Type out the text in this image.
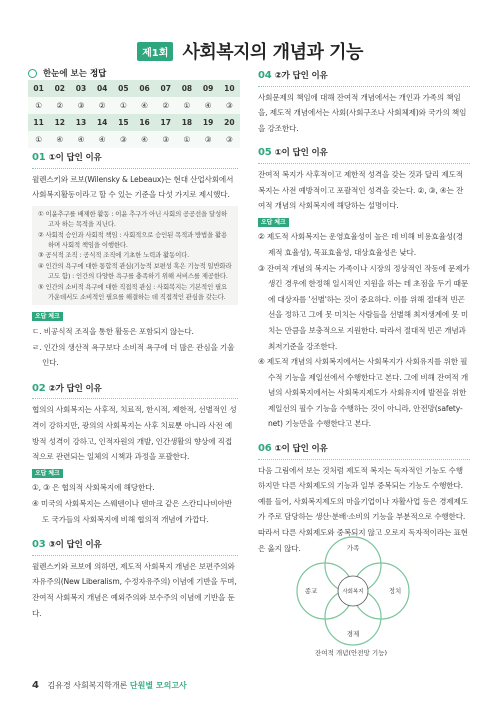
제1회 사회복지의 개념과 기능
한눈에 보는 정답
01	02	03	04	05	06	07	08	09	10
①	②	③	②	①	④	②	①	④	③
11	12	13	14	15	16	17	18	19	20
①	④	④	④	③	④	③	①	③	③
01 ①이 답인 이유
윌렌스키와 르보(Wilensky & Lebeaux)는 현대 산업사회에서 사회복지활동이라고 할 수 있는 기준을 다섯 가지로 제시했다.
① 이윤추구를 배제한 활동 : 이윤 추구가 아닌 사회의 공공선을 달성하고자 하는 목적을 지닌다.
② 사회적 승인과 사회적 책임 : 사회적으로 승인된 목적과 방법을 활용하며 사회적 책임을 이행한다.
③ 공식적 조직 : 공식적 조직에 기초한 노력과 활동이다.
④ 인간의 욕구에 대한 통합적 관심(기능적 보편성 혹은 기능적 일반화라고도 함) : 인간의 다양한 욕구를 충족하기 위해 서비스를 제공한다.
⑤ 인간의 소비적 욕구에 대한 직접적 관심 : 사회복지는 기본적인 필요가운데서도 소비적인 필요를 해결하는 데 직접적인 관심을 갖는다.
오답 체크
ㄷ. 비공식적 조직을 통한 활동은 포함되지 않는다.
ㄹ. 인간의 생산적 욕구보다 소비적 욕구에 더 많은 관심을 기울인다.
02 ②가 답인 이유
협의의 사회복지는 사후적, 치료적, 한시적, 제한적, 선별적인 성격이 강하지만, 광의의 사회복지는 사후 치료뿐 아니라 사전 예방적 성격이 강하고, 인적자원의 개발, 인간생활의 향상에 직접적으로 관련되는 일체의 시책과 과정을 포괄한다.
오답 체크
①, ③ 은 협의적 사회복지에 해당한다.
④ 미국의 사회복지는 스웨덴이나 덴마크 같은 스칸디나비아반도 국가들의 사회복지에 비해 협의적 개념에 가깝다.
03 ③이 답인 이유
윌렌스키와 르보에 의하면, 제도적 사회복지 개념은 보편주의와 자유주의(New Liberalism, 수정자유주의) 이념에 기반을 두며, 잔여적 사회복지 개념은 예외주의와 보수주의 이념에 기반을 둔다.
04 ②가 답인 이유
사회문제의 책임에 대해 잔여적 개념에서는 개인과 가족의 책임을, 제도적 개념에서는 사회(사회구조나 사회체제)와 국가의 책임을 강조한다.
05 ①이 답인 이유
잔여적 복지가 사후적이고 제한적 성격을 갖는 것과 달리 제도적 복지는 사전 예방적이고 포괄적인 성격을 갖는다. ②, ③, ④는 잔여적 개념의 사회복지에 해당하는 설명이다.
오답 체크
② 제도적 사회복지는 운영효율성이 높은 데 비해 비용효율성(경제적 효율성), 목표효율성, 대상효율성은 낮다.
③ 잔여적 개념의 복지는 가족이나 시장의 정상적인 작동에 문제가 생긴 경우에 한정해 일시적인 지원을 하는 데 초점을 두기 때문에 대상자를 '선별'하는 것이 중요하다. 이를 위해 절대적 빈곤선을 정하고 그에 못 미치는 사람들을 선별해 최저생계에 못 미치는 만큼을 보충적으로 지원한다. 따라서 절대적 빈곤 개념과 최저기준을 강조한다.
④ 제도적 개념의 사회복지에서는 사회복지가 사회유지를 위한 필수적 기능을 제일선에서 수행한다고 본다. 그에 비해 잔여적 개념의 사회복지에서는 사회복지제도가 사회유지에 발전을 위한 제일선의 필수 기능을 수행하는 것이 아니라, 안전망(safety-net) 기능만을 수행한다고 본다.
06 ①이 답인 이유
다음 그림에서 보는 것처럼 제도적 복지는 독자적인 기능도 수행하지만 다른 사회제도의 기능과 일부 중복되는 기능도 수행한다. 예를 들어, 사회복지제도의 마을기업이나 자활사업 등은 경제제도가 주로 담당하는 생산·분배·소비의 기능을 부분적으로 수행한다. 따라서 다른 사회제도와 중복되지 않고 오로지 독자적이라는 표현은 옳지 않다.	가족
종교	정치
경제
사회복지
잔여적 개념(안전망 기능)
4 김유경 사회복지학개론 단원별 모의고사
